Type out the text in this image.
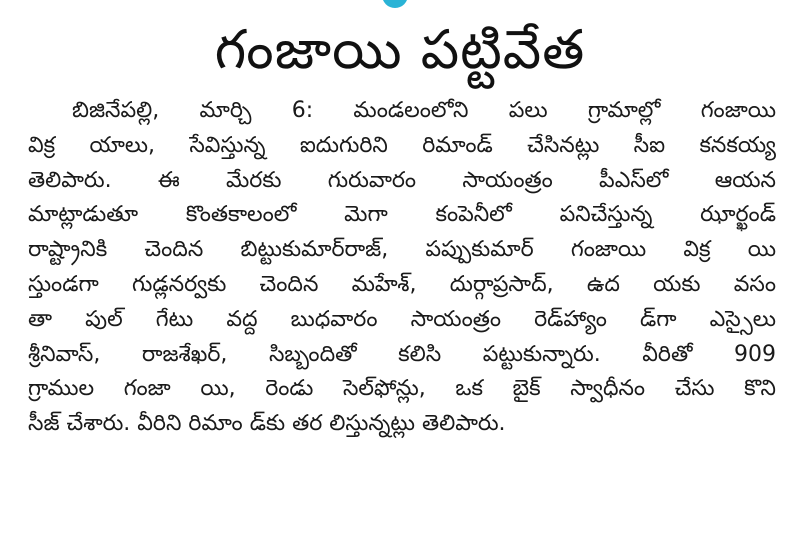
గంజాయి పట్టివేత
బిజినేపల్లి, మార్చి 6: మండలంలోని పలు గ్రామాల్లో గంజాయి
విక్ర యాలు, సేవిస్తున్న ఐదుగురిని రిమాండ్ చేసినట్లు సీఐ కనకయ్య
తెలిపారు. ఈ మేరకు గురువారం సాయంత్రం పీఎస్‌లో ఆయన
మాట్లాడుతూ కొంతకాలంలో మెగా కంపెనీలో పనిచేస్తున్న ఝార్ఖండ్
రాష్ట్రానికి చెందిన బిట్టుకుమార్‌రాజ్, పప్పుకుమార్ గంజాయి విక్ర యి
స్తుండగా గుడ్లనర్వకు చెందిన మహేశ్, దుర్గాప్రసాద్, ఉద యకు వసం
తా పుల్ గేటు వద్ద బుధవారం సాయంత్రం రెడ్‌హ్యాం డ్‌గా ఎస్సైలు
శ్రీనివాస్, రాజశేఖర్, సిబ్బందితో కలిసి పట్టుకున్నారు. వీరితో 909
గ్రాముల గంజా యి, రెండు సెల్‌ఫోన్లు, ఒక బైక్ స్వాధీనం చేసు కొని
సీజ్ చేశారు. వీరిని రిమాం డ్‌కు తర లిస్తున్నట్లు తెలిపారు.
